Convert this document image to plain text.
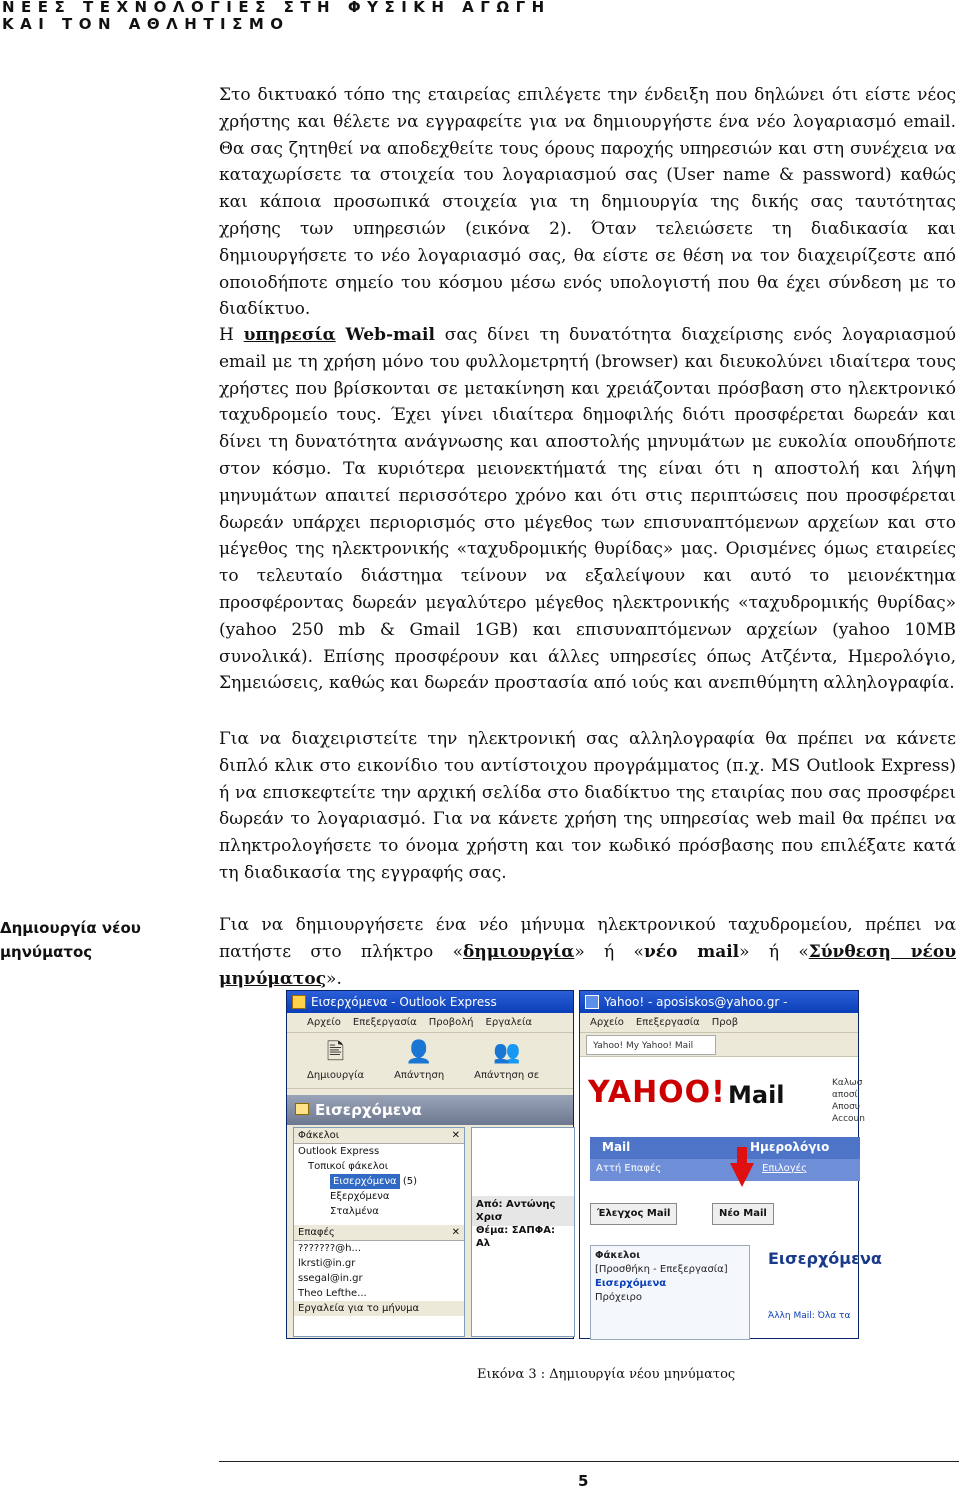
ΝΕΕΣ ΤΕΧΝΟΛΟΓΙΕΣ ΣΤΗ ΦΥΣΙΚΗ ΑΓΩΓΗ
ΚΑΙ ΤΟΝ ΑΘΛΗΤΙΣΜΟ
Στο δικτυακό τόπο της εταιρείας επιλέγετε την ένδειξη που δηλώνει ότι είστε νέος χρήστης και θέλετε να εγγραφείτε για να δημιουργήστε ένα νέο λογαριασμό email. Θα σας ζητηθεί να αποδεχθείτε τους όρους παροχής υπηρεσιών και στη συνέχεια να καταχωρίσετε τα στοιχεία του λογαριασμού σας (User name & password) καθώς και κάποια προσωπικά στοιχεία για τη δημιουργία της δικής σας ταυτότητας χρήσης των υπηρεσιών (εικόνα 2). Όταν τελειώσετε τη διαδικασία και δημιουργήσετε το νέο λογαριασμό σας, θα είστε σε θέση να τον διαχειρίζεστε από οποιοδήποτε σημείο του κόσμου μέσω ενός υπολογιστή που θα έχει σύνδεση με το διαδίκτυο.
Η υπηρεσία Web-mail σας δίνει τη δυνατότητα διαχείρισης ενός λογαριασμού email με τη χρήση μόνο του φυλλομετρητή (browser) και διευκολύνει ιδιαίτερα τους χρήστες που βρίσκονται σε μετακίνηση και χρειάζονται πρόσβαση στο ηλεκτρονικό ταχυδρομείο τους. Έχει γίνει ιδιαίτερα δημοφιλής διότι προσφέρεται δωρεάν και δίνει τη δυνατότητα ανάγνωσης και αποστολής μηνυμάτων με ευκολία οπουδήποτε στον κόσμο. Τα κυριότερα μειονεκτήματά της είναι ότι η αποστολή και λήψη μηνυμάτων απαιτεί περισσότερο χρόνο και ότι στις περιπτώσεις που προσφέρεται δωρεάν υπάρχει περιορισμός στο μέγεθος των επισυναπτόμενων αρχείων και στο μέγεθος της ηλεκτρονικής «ταχυδρομικής θυρίδας» μας. Ορισμένες όμως εταιρείες το τελευταίο διάστημα τείνουν να εξαλείψουν και αυτό το μειονέκτημα προσφέροντας δωρεάν μεγαλύτερο μέγεθος ηλεκτρονικής «ταχυδρομικής θυρίδας» (yahoo 250 mb & Gmail 1GB) και επισυναπτόμενων αρχείων (yahoo 10MB συνολικά). Επίσης προσφέρουν και άλλες υπηρεσίες όπως Ατζέντα, Ημερολόγιο, Σημειώσεις, καθώς και δωρεάν προστασία από ιούς και ανεπιθύμητη αλληλογραφία.
Για να διαχειριστείτε την ηλεκτρονική σας αλληλογραφία θα πρέπει να κάνετε διπλό κλικ στο εικονίδιο του αντίστοιχου προγράμματος (π.χ. MS Outlook Express) ή να επισκεφτείτε την αρχική σελίδα στο διαδίκτυο της εταιρίας που σας προσφέρει δωρεάν το λογαριασμό. Για να κάνετε χρήση της υπηρεσίας web mail θα πρέπει να πληκτρολογήσετε το όνομα χρήστη και τον κωδικό πρόσβασης που επιλέξατε κατά τη διαδικασία της εγγραφής σας.
Δημιουργία νέου μηνύματος
Για να δημιουργήσετε ένα νέο μήνυμα ηλεκτρονικού ταχυδρομείου, πρέπει να πατήστε στο πλήκτρο «δημιουργία» ή «νέο mail» ή «Σύνθεση νέου μηνύματος».
Εισερχόμενα - Outlook Express
Αρχείο Επεξεργασία Προβολή Εργαλεία
🖹
Δημιουργία
👤
Απάντηση
👥
Απάντηση σε
Εισερχόμενα
Φάκελοι	✕
Outlook Express
Τοπικοί φάκελοι
Εισερχόμενα (5)
Εξερχόμενα
Σταλμένα
Επαφές	✕
???????@h...
lkrsti@in.gr
ssegal@in.gr
Theo Lefthe...
Εργαλεία για το μήνυμα
Από: Αντώνης Χρισ
Θέμα: ΣΑΠΦΑ: Αλ
Yahoo! - aposiskos@yahoo.gr -
Αρχείο Επεξεργασία Προβ
Yahoo! My Yahoo! Mail
YAHOO! Mail	Καλωσ
αποσί
Αποσυ
Αccoun
Mail	Ημερολόγιο
Αττή Επαφές	Επιλογές
Έλεγχος Mail	Νέο Mail
Φάκελοι
[Προσθήκη - Επεξεργασία]
Εισερχόμενα
Πρόχειρο
Εισερχόμενα
Άλλη Mail: Όλα τα
Εικόνα 3 : Δημιουργία νέου μηνύματος
5
